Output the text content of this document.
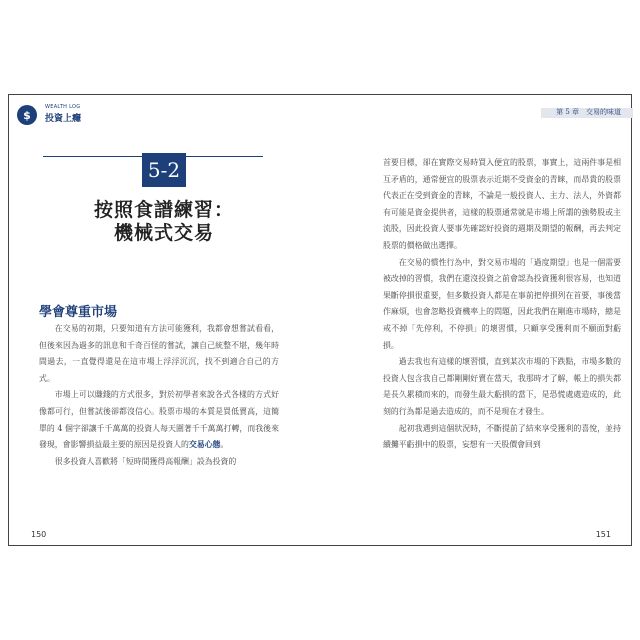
$
WEALTH LOG
投資上癮
5-2
按照食譜練習：
機械式交易
學會尊重市場

在交易的初期，只要知道有方法可能獲利，我都會想嘗試看看，但後來因為過多的訊息和千奇百怪的嘗試，讓自己統整不堪，幾年時間過去，一直覺得還是在這市場上浮浮沉沉，找不到適合自己的方式。

市場上可以賺錢的方式很多，對於初學者來說各式各樣的方式好像都可行，但嘗試後卻都沒信心。股票市場的本質是買低賣高，這簡單的 4 個字卻讓千千萬萬的投資人每天圍著千千萬萬打轉，而我後來發現，會影響損益最主要的原因是投資人的交易心態。

很多投資人喜歡將「短時間獲得高報酬」設為投資的

150
第 5 章　交易的味道

首要目標，卻在實際交易時買入便宜的股票，事實上，這兩件事是相互矛盾的，通常便宜的股票表示近期不受資金的青睞，而昂貴的股票代表正在受到資金的青睞，不論是一般投資人、主力、法人，外資都有可能是資金提供者，這樣的股票通常就是市場上所謂的強勢股或主流股，因此投資人要事先確認好投資的週期及期望的報酬，再去判定股票的價格做出選擇。

在交易的慣性行為中，對交易市場的「過度期望」也是一個需要被改掉的習慣，我們在還沒投資之前會認為投資獲利很容易，也知道果斷停損很重要，但多數投資人都是在事前把停損列在首要，事後當作麻煩，也會忽略投資機率上的問題，因此我們在剛進市場時，總是戒不掉「先停利，不停損」的壞習慣，只顧享受獲利而不願面對虧損。

過去我也有這樣的壞習慣，直到某次市場的下跌點，市場多數的投資人包含我自己都剛剛好賣在當天，我那時才了解，帳上的損失都是長久累積而來的，而發生最大虧損的當下，是恐慌處處造成的，此刻的行為都是過去造成的，而不是現在才發生。

起初我遇到這個狀況時，不斷提前了結來享受獲利的喜悅，並持續攤平虧損中的股票，妄想有一天股價會回到

151
